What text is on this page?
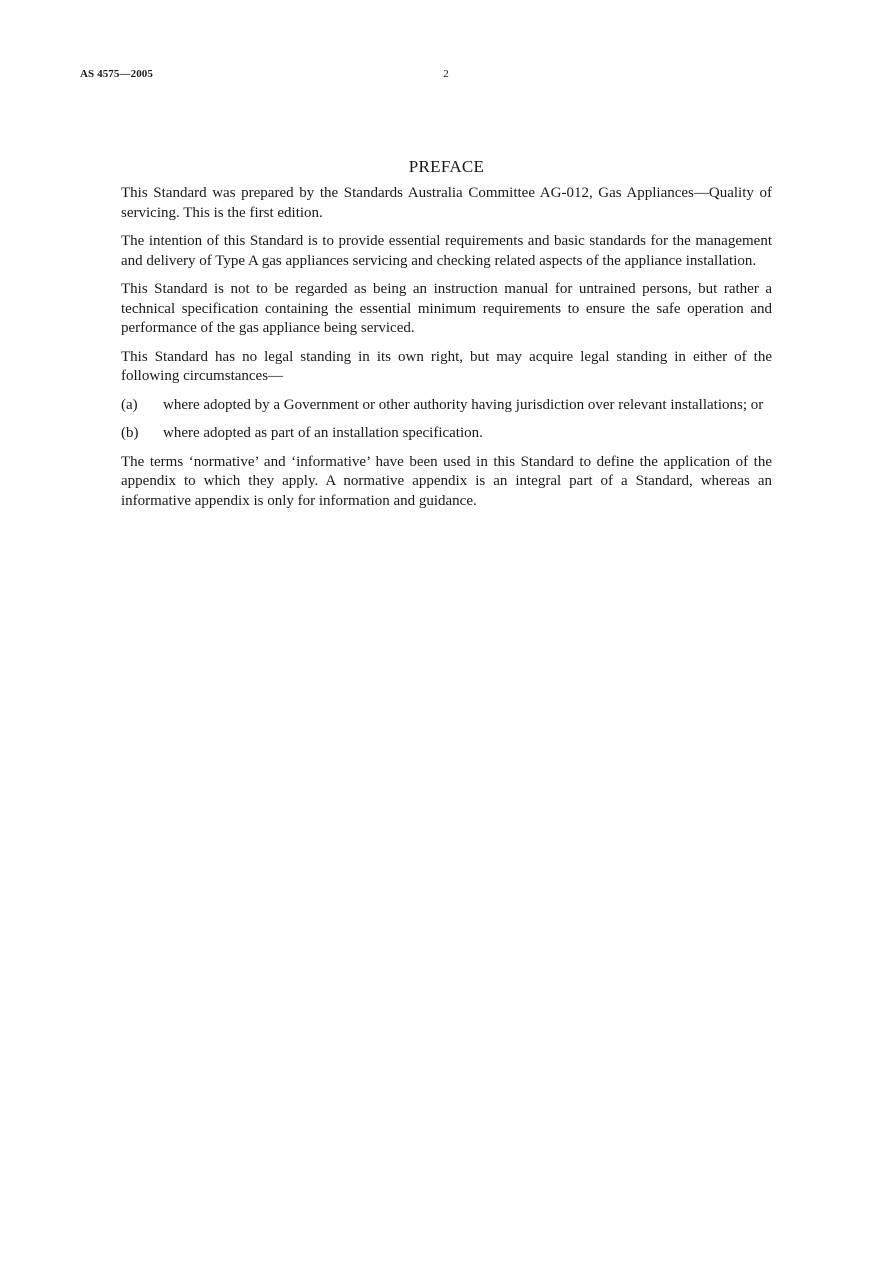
AS 4575—2005	2
PREFACE

This Standard was prepared by the Standards Australia Committee AG-012, Gas Appliances—Quality of servicing. This is the first edition.

The intention of this Standard is to provide essential requirements and basic standards for the management and delivery of Type A gas appliances servicing and checking related aspects of the appliance installation.

This Standard is not to be regarded as being an instruction manual for untrained persons, but rather a technical specification containing the essential minimum requirements to ensure the safe operation and performance of the gas appliance being serviced.

This Standard has no legal standing in its own right, but may acquire legal standing in either of the following circumstances—

(a)	where adopted by a Government or other authority having jurisdiction over relevant installations; or
(b)	where adopted as part of an installation specification.

The terms ‘normative’ and ‘informative’ have been used in this Standard to define the application of the appendix to which they apply. A normative appendix is an integral part of a Standard, whereas an informative appendix is only for information and guidance.
